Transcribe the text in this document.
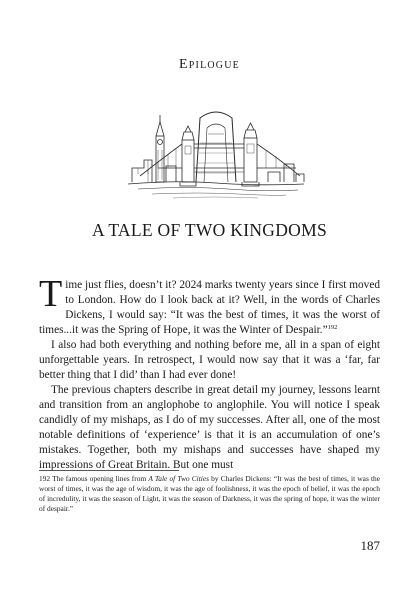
Epilogue
A TALE OF TWO KINGDOMS

Time just flies, doesn’t it? 2024 marks twenty years since I first moved to London. How do I look back at it? Well, in the words of Charles Dickens, I would say: “It was the best of times, it was the worst of times...it was the Spring of Hope, it was the Winter of Despair.”$^{192}$

I also had both everything and nothing before me, all in a span of eight unforgettable years. In retrospect, I would now say that it was a ‘far, far better thing that I did’ than I had ever done!

The previous chapters describe in great detail my journey, lessons learnt and transition from an anglophobe to anglophile. You will notice I speak candidly of my mishaps, as I do of my successes. After all, one of the most notable definitions of ‘experience’ is that it is an accumulation of one’s mistakes. Together, both my mishaps and successes have shaped my impressions of Great Britain. But one must

192 The famous opening lines from A Tale of Two Cities by Charles Dickens: “It was the best of times, it was the worst of times, it was the age of wisdom, it was the age of foolishness, it was the epoch of belief, it was the epoch of incredulity, it was the season of Light, it was the season of Darkness, it was the spring of hope, it was the winter of despair.”
187
